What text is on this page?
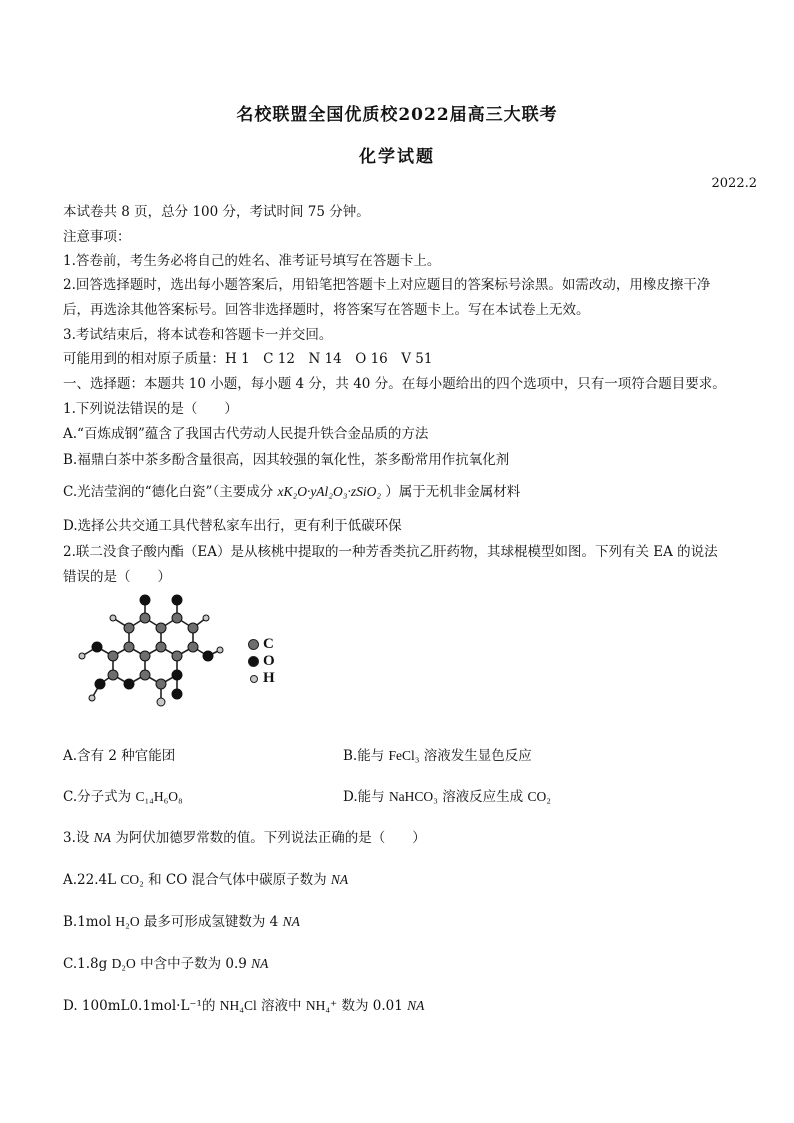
名校联盟全国优质校2022届高三大联考
化学试题
2022.2
本试卷共 8 页，总分 100 分，考试时间 75 分钟。
注意事项：
1.答卷前，考生务必将自己的姓名、准考证号填写在答题卡上。
2.回答选择题时，选出每小题答案后，用铅笔把答题卡上对应题目的答案标号涂黑。如需改动，用橡皮擦干净
后，再选涂其他答案标号。回答非选择题时，将答案写在答题卡上。写在本试卷上无效。
3.考试结束后，将本试卷和答题卡一并交回。
可能用到的相对原子质量：H 1　C 12　N 14　O 16　V 51
一、选择题：本题共 10 小题，每小题 4 分，共 40 分。在每小题给出的四个选项中，只有一项符合题目要求。
1.下列说法错误的是（　　）
A.“百炼成钢”蕴含了我国古代劳动人民提升铁合金品质的方法
B.福鼎白茶中茶多酚含量很高，因其较强的氧化性，茶多酚常用作抗氧化剂
C.光洁莹润的“德化白瓷”（主要成分 xK₂O·yAl₂O₃·zSiO₂ ）属于无机非金属材料
D.选择公共交通工具代替私家车出行，更有利于低碳环保
2.联二没食子酸内酯（EA）是从核桃中提取的一种芳香类抗乙肝药物，其球棍模型如图。下列有关 EA 的说法
错误的是（　　）
C
O
H
A.含有 2 种官能团	B.能与 FeCl₃ 溶液发生显色反应
C.分子式为 C₁₄H₆O₈	D.能与 NaHCO₃ 溶液反应生成 CO₂
3.设 NA 为阿伏加德罗常数的值。下列说法正确的是（　　）
A.22.4L CO₂ 和 CO 混合气体中碳原子数为 NA
B.1mol H₂O 最多可形成氢键数为 4 NA
C.1.8g D₂O 中含中子数为 0.9 NA
D. 100mL0.1mol·L⁻¹的 NH₄Cl 溶液中 NH₄⁺ 数为 0.01 NA
